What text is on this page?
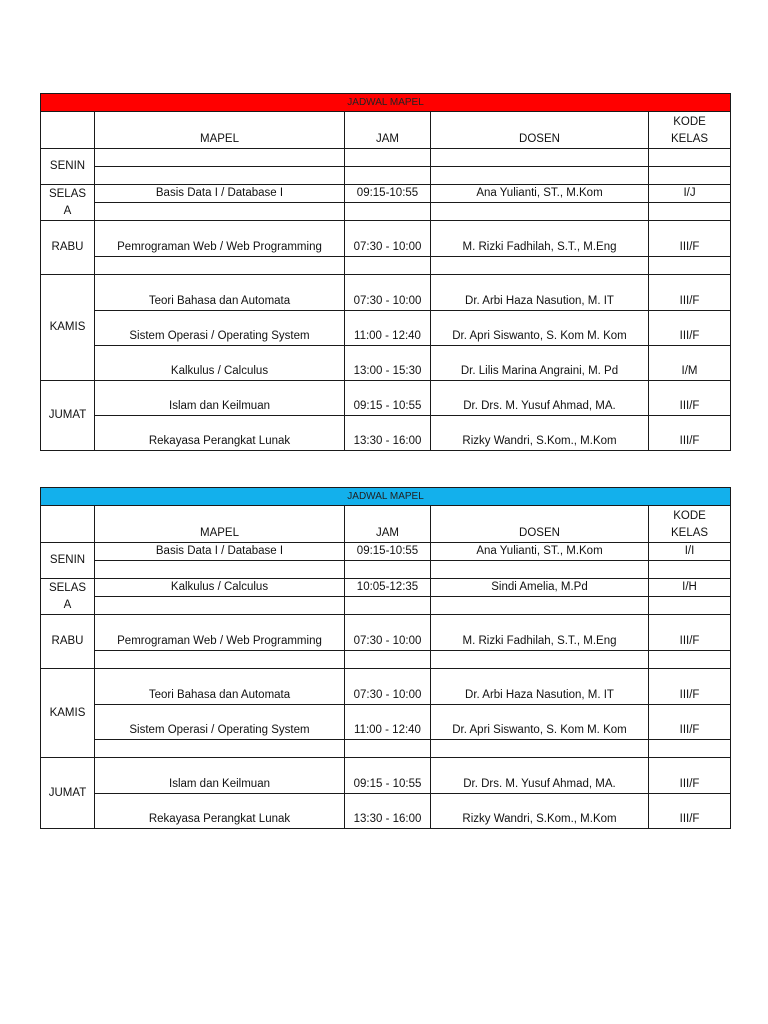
JADWAL MAPEL				
	MAPEL	JAM	DOSEN	KODE
KELAS
SENIN				

SELAS A	Basis Data I / Database I	09:15-10:55	Ana Yulianti, ST., M.Kom	I/J

RABU	Pemrograman Web / Web Programming	07:30 - 10:00	M. Rizki Fadhilah, S.T., M.Eng	III/F

KAMIS	Teori Bahasa dan Automata	07:30 - 10:00	Dr. Arbi Haza Nasution, M. IT	III/F
	Sistem Operasi / Operating System	11:00 - 12:40	Dr. Apri Siswanto, S. Kom M. Kom	III/F
	Kalkulus / Calculus	13:00 - 15:30	Dr. Lilis Marina Angraini, M. Pd	I/M
JUMAT	Islam dan Keilmuan	09:15 - 10:55	Dr. Drs. M. Yusuf Ahmad, MA.	III/F
	Rekayasa Perangkat Lunak	13:30 - 16:00	Rizky Wandri, S.Kom., M.Kom	III/F
JADWAL MAPEL				
	MAPEL	JAM	DOSEN	KODE
KELAS
SENIN	Basis Data I / Database I	09:15-10:55	Ana Yulianti, ST., M.Kom	I/I

SELAS A	Kalkulus / Calculus	10:05-12:35	Sindi Amelia, M.Pd	I/H

RABU	Pemrograman Web / Web Programming	07:30 - 10:00	M. Rizki Fadhilah, S.T., M.Eng	III/F

KAMIS	Teori Bahasa dan Automata	07:30 - 10:00	Dr. Arbi Haza Nasution, M. IT	III/F
	Sistem Operasi / Operating System	11:00 - 12:40	Dr. Apri Siswanto, S. Kom M. Kom	III/F

JUMAT	Islam dan Keilmuan	09:15 - 10:55	Dr. Drs. M. Yusuf Ahmad, MA.	III/F
	Rekayasa Perangkat Lunak	13:30 - 16:00	Rizky Wandri, S.Kom., M.Kom	III/F
